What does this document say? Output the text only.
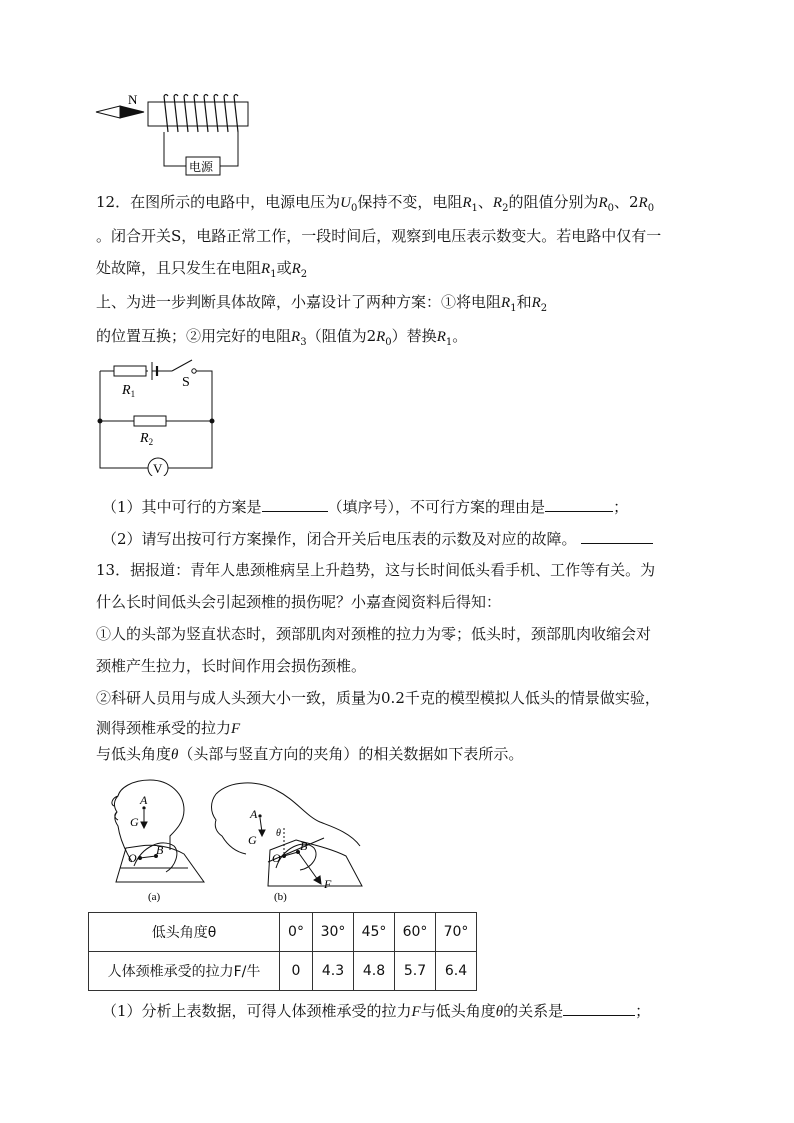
N
电源
12．在图所示的电路中，电源电压为$U_0$保持不变，电阻$R_1$、$R_2$的阻值分别为$R_0$、$2R_0$
。闭合开关S，电路正常工作，一段时间后，观察到电压表示数变大。若电路中仅有一
处故障，且只发生在电阻$R_1$或$R_2$
上、为进一步判断具体故障，小嘉设计了两种方案：①将电阻$R_1$和$R_2$
的位置互换；②用完好的电阻$R_3$（阻值为$2R_0$）替换$R_1$。
$R_1$
S
$R_2$
V
（1）其中可行的方案是	（填序号），不可行方案的理由是	；
（2）请写出按可行方案操作，闭合开关后电压表的示数及对应的故障。
13．据报道：青年人患颈椎病呈上升趋势，这与长时间低头看手机、工作等有关。为
什么长时间低头会引起颈椎的损伤呢？小嘉查阅资料后得知：
①人的头部为竖直状态时，颈部肌肉对颈椎的拉力为零；低头时，颈部肌肉收缩会对
颈椎产生拉力，长时间作用会损伤颈椎。
②科研人员用与成人头颈大小一致，质量为0.2千克的模型模拟人低头的情景做实验，
测得颈椎承受的拉力F
与低头角度θ（头部与竖直方向的夹角）的相关数据如下表所示。
A
G
O
B
A
G θ
O
B
F
(a)	(b)
低头角度θ	0°	30°	45°	60°	70°
人体颈椎承受的拉力F/牛	0	4.3	4.8	5.7	6.4
（1）分析上表数据，可得人体颈椎承受的拉力F与低头角度θ的关系是	；
